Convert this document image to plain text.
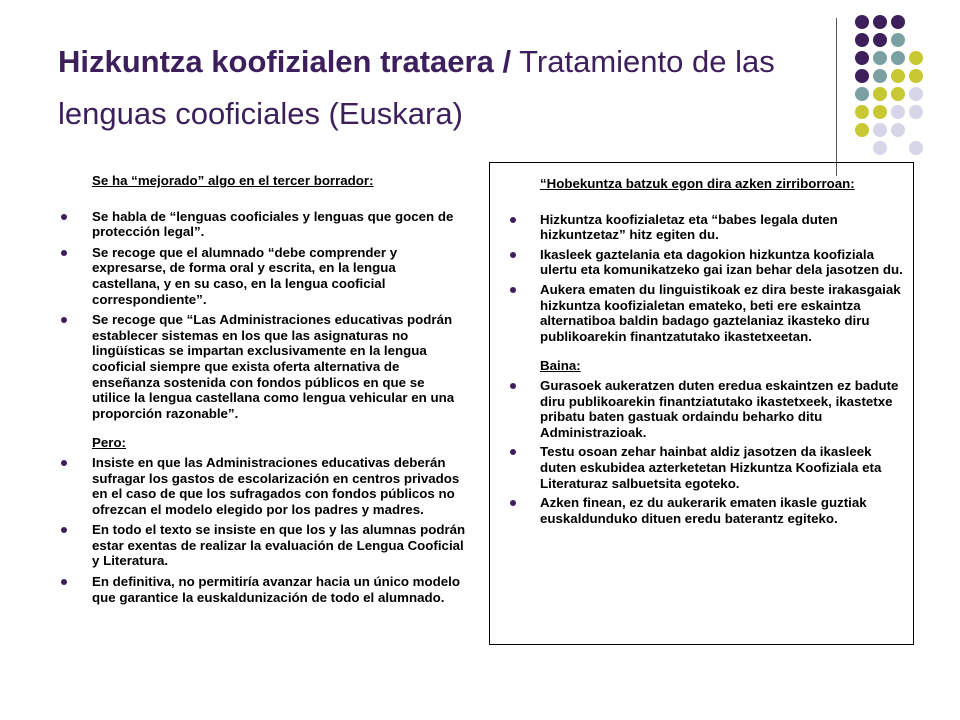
Hizkuntza koofizialen trataera / Tratamiento de las lenguas cooficiales (Euskara)
Se ha “mejorado” algo en el tercer borrador:
Se habla de “lenguas cooficiales y lenguas que gocen de protección legal”.
Se recoge que el alumnado “debe comprender y expresarse, de forma oral y escrita, en la lengua castellana, y en su caso, en la lengua cooficial correspondiente”.
Se recoge que “Las Administraciones educativas podrán establecer sistemas en los que las asignaturas no lingüísticas se impartan exclusivamente en la lengua cooficial siempre que exista oferta alternativa de enseñanza sostenida con fondos públicos en que se utilice la lengua castellana como lengua vehicular en una proporción razonable”.
Pero:
Insiste en que las Administraciones educativas deberán sufragar los gastos de escolarización en centros privados en el caso de que los sufragados con fondos públicos no ofrezcan el modelo elegido por los padres y madres.
En todo el texto se insiste en que los y las alumnas podrán estar exentas de realizar la evaluación de Lengua Cooficial y Literatura.
En definitiva, no permitiría avanzar hacia un único modelo que garantice la euskaldunización de todo el alumnado.
“Hobekuntza batzuk egon dira azken zirriborroan:
Hizkuntza koofizialetaz eta “babes legala duten hizkuntzetaz” hitz egiten du.
Ikasleek gaztelania eta dagokion hizkuntza koofiziala ulertu eta komunikatzeko gai izan behar dela jasotzen du.
Aukera ematen du linguistikoak ez dira beste irakasgaiak hizkuntza koofizialetan emateko, beti ere eskaintza alternatiboa baldin badago gaztelaniaz ikasteko diru publikoarekin finantzatutako ikastetxeetan.
Baina:
Gurasoek aukeratzen duten eredua eskaintzen ez badute diru publikoarekin finantziatutako ikastetxeek, ikastetxe pribatu baten gastuak ordaindu beharko ditu Administrazioak.
Testu osoan zehar hainbat aldiz jasotzen da ikasleek duten eskubidea azterketetan Hizkuntza Koofiziala eta Literaturaz salbuetsita egoteko.
Azken finean, ez du aukerarik ematen ikasle guztiak euskaldunduko dituen eredu baterantz egiteko.
